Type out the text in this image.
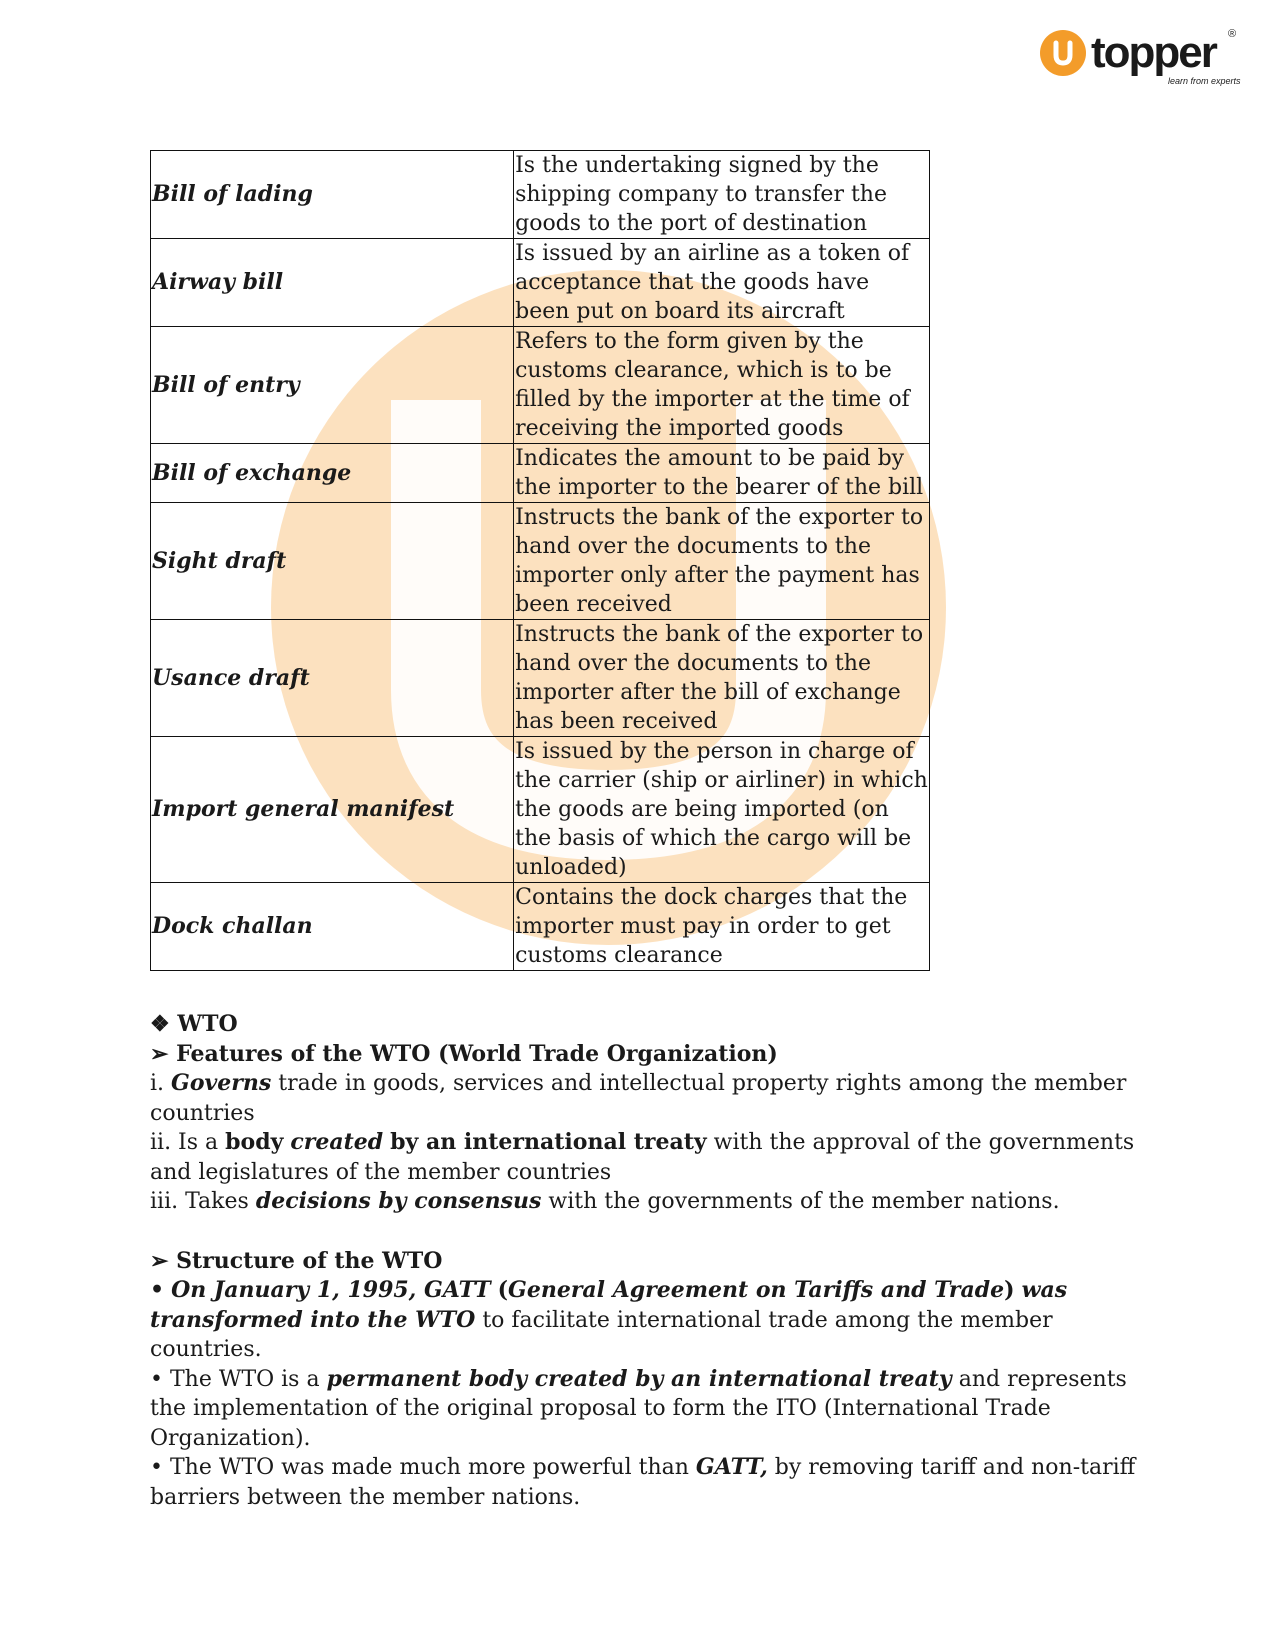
topper ®
learn from experts
Bill of lading	Is the undertaking signed by the shipping company to transfer the goods to the port of destination
Airway bill	Is issued by an airline as a token of acceptance that the goods have been put on board its aircraft
Bill of entry	Refers to the form given by the customs clearance, which is to be filled by the importer at the time of receiving the imported goods
Bill of exchange	Indicates the amount to be paid by the importer to the bearer of the bill
Sight draft	Instructs the bank of the exporter to hand over the documents to the importer only after the payment has been received
Usance draft	Instructs the bank of the exporter to hand over the documents to the importer after the bill of exchange has been received
Import general manifest	Is issued by the person in charge of the carrier (ship or airliner) in which the goods are being imported (on the basis of which the cargo will be unloaded)
Dock challan	Contains the dock charges that the importer must pay in order to get customs clearance

❖ WTO

➢ Features of the WTO (World Trade Organization)

i. Governs trade in goods, services and intellectual property rights among the member countries

ii. Is a body created by an international treaty with the approval of the governments and legislatures of the member countries

iii. Takes decisions by consensus with the governments of the member nations.

➢ Structure of the WTO

• On January 1, 1995, GATT (General Agreement on Tariffs and Trade) was transformed into the WTO to facilitate international trade among the member countries.

• The WTO is a permanent body created by an international treaty and represents the implementation of the original proposal to form the ITO (International Trade Organization).

• The WTO was made much more powerful than GATT, by removing tariff and non-tariff barriers between the member nations.
